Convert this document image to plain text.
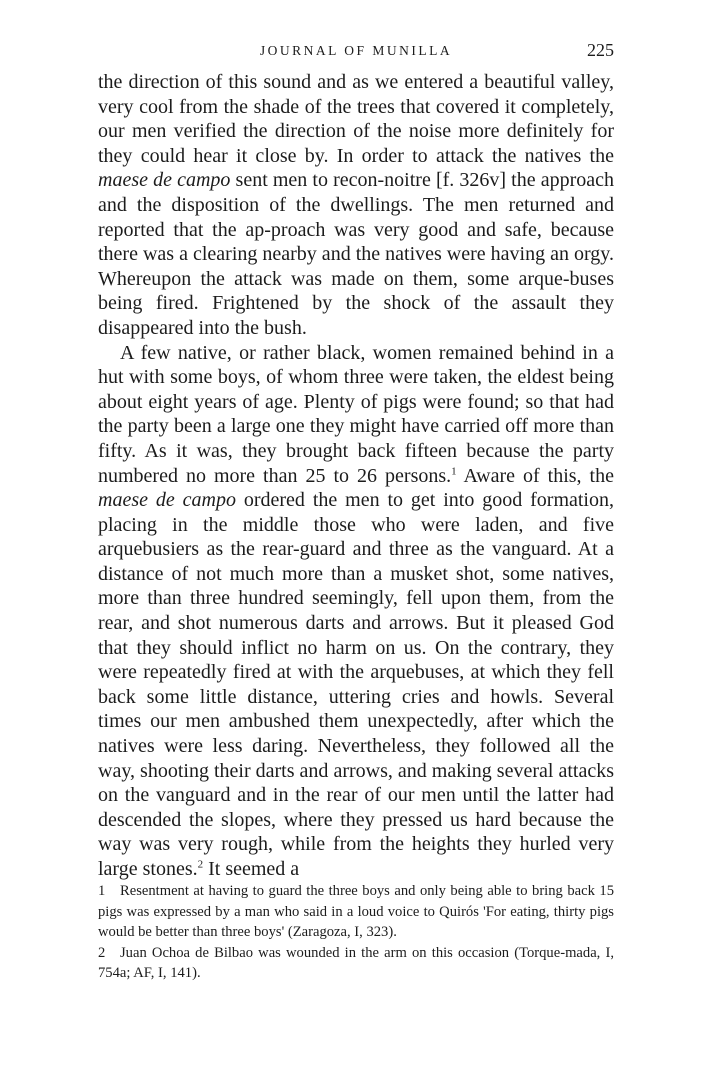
JOURNAL OF MUNILLA	225

the direction of this sound and as we entered a beautiful valley, very cool from the shade of the trees that covered it completely, our men verified the direction of the noise more definitely for they could hear it close by. In order to attack the natives the maese de campo sent men to recon-noitre [f. 326v] the approach and the disposition of the dwellings. The men returned and reported that the ap-proach was very good and safe, because there was a clearing nearby and the natives were having an orgy. Whereupon the attack was made on them, some arque-buses being fired. Frightened by the shock of the assault they disappeared into the bush.

A few native, or rather black, women remained behind in a hut with some boys, of whom three were taken, the eldest being about eight years of age. Plenty of pigs were found; so that had the party been a large one they might have carried off more than fifty. As it was, they brought back fifteen because the party numbered no more than 25 to 26 persons.$^1$ Aware of this, the maese de campo ordered the men to get into good formation, placing in the middle those who were laden, and five arquebusiers as the rear-guard and three as the vanguard. At a distance of not much more than a musket shot, some natives, more than three hundred seemingly, fell upon them, from the rear, and shot numerous darts and arrows. But it pleased God that they should inflict no harm on us. On the contrary, they were repeatedly fired at with the arquebuses, at which they fell back some little distance, uttering cries and howls. Several times our men ambushed them unexpectedly, after which the natives were less daring. Nevertheless, they followed all the way, shooting their darts and arrows, and making several attacks on the vanguard and in the rear of our men until the latter had descended the slopes, where they pressed us hard because the way was very rough, while from the heights they hurled very large stones.$^2$ It seemed a

1 Resentment at having to guard the three boys and only being able to bring back 15 pigs was expressed by a man who said in a loud voice to Quirós 'For eating, thirty pigs would be better than three boys' (Zaragoza, I, 323).

2 Juan Ochoa de Bilbao was wounded in the arm on this occasion (Torque-mada, I, 754a; AF, I, 141).
